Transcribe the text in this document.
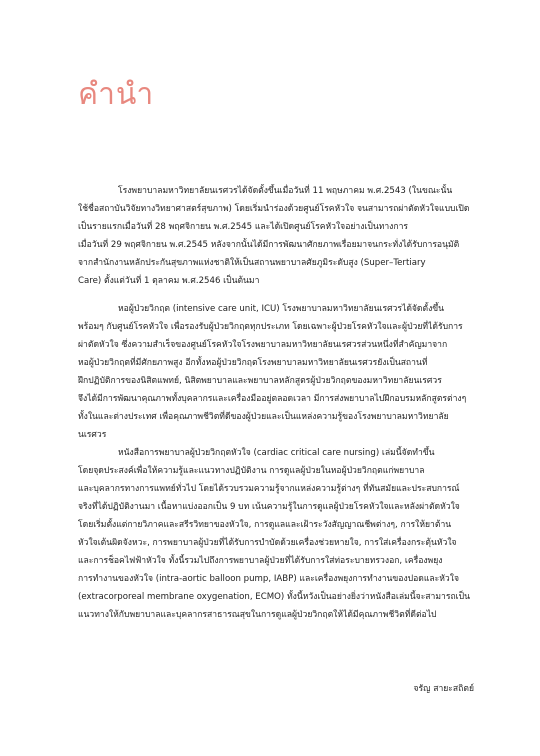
คำนำ
โรงพยาบาลมหาวิทยาลัยนเรศวรได้จัดตั้งขึ้นเมื่อวันที่ 11 พฤษภาคม พ.ศ.2543 (ในขณะนั้น
ใช้ชื่อสถาบันวิจัยทางวิทยาศาสตร์สุขภาพ) โดยเริ่มนำร่องด้วยศูนย์โรคหัวใจ จนสามารถผ่าตัดหัวใจแบบเปิด
เป็นรายแรกเมื่อวันที่ 28 พฤศจิกายน พ.ศ.2545 และได้เปิดศูนย์โรคหัวใจอย่างเป็นทางการ
เมื่อวันที่ 29 พฤศจิกายน พ.ศ.2545 หลังจากนั้นได้มีการพัฒนาศักยภาพเรื่อยมาจนกระทั่งได้รับการอนุมัติ
จากสำนักงานหลักประกันสุขภาพแห่งชาติให้เป็นสถานพยาบาลศัยภูมิระดับสูง (Super–Tertiary
Care) ตั้งแต่วันที่ 1 ตุลาคม พ.ศ.2546 เป็นต้นมา
หอผู้ป่วยวิกฤต (intensive care unit, ICU) โรงพยาบาลมหาวิทยาลัยนเรศวรได้จัดตั้งขึ้น
พร้อมๆ กับศูนย์โรคหัวใจ เพื่อรองรับผู้ป่วยวิกฤตทุกประเภท โดยเฉพาะผู้ป่วยโรคหัวใจและผู้ป่วยที่ได้รับการ
ผ่าตัดหัวใจ ซึ่งความสำเร็จของศูนย์โรคหัวใจโรงพยาบาลมหาวิทยาลัยนเรศวรส่วนหนึ่งที่สำคัญมาจาก
หอผู้ป่วยวิกฤตที่มีศักยภาพสูง อีกทั้งหอผู้ป่วยวิกฤตโรงพยาบาลมหาวิทยาลัยนเรศวรยังเป็นสถานที่
ฝึกปฏิบัติการของนิสิตแพทย์, นิสิตพยาบาลและพยาบาลหลักสูตรผู้ป่วยวิกฤตของมหาวิทยาลัยนเรศวร
จึงได้มีการพัฒนาคุณภาพทั้งบุคลากรและเครื่องมืออยู่ตลอดเวลา มีการส่งพยาบาลไปฝึกอบรมหลักสูตรต่างๆ
ทั้งในและต่างประเทศ เพื่อคุณภาพชีวิตที่ดีของผู้ป่วยและเป็นแหล่งความรู้ของโรงพยาบาลมหาวิทยาลัย
นเรศวร
หนังสือการพยาบาลผู้ป่วยวิกฤตหัวใจ (cardiac critical care nursing) เล่มนี้จัดทำขึ้น
โดยจุดประสงค์เพื่อให้ความรู้และแนวทางปฏิบัติงาน การดูแลผู้ป่วยในหอผู้ป่วยวิกฤตแก่พยาบาล
และบุคลากรทางการแพทย์ทั่วไป โดยได้รวบรวมความรู้จากแหล่งความรู้ต่างๆ ที่ทันสมัยและประสบการณ์
จริงที่ได้ปฏิบัติงานมา เนื้อหาแบ่งออกเป็น 9 บท เน้นความรู้ในการดูแลผู้ป่วยโรคหัวใจและหลังผ่าตัดหัวใจ
โดยเริ่มตั้งแต่กายวิภาคและสรีรวิทยาของหัวใจ, การดูแลและเฝ้าระวังสัญญาณชีพต่างๆ, การให้ยาต้าน
หัวใจเต้นผิดจังหวะ, การพยาบาลผู้ป่วยที่ได้รับการบำบัดด้วยเครื่องช่วยหายใจ, การใส่เครื่องกระตุ้นหัวใจ
และการช็อคไฟฟ้าหัวใจ ทั้งนี้รวมไปถึงการพยาบาลผู้ป่วยที่ได้รับการใส่ท่อระบายทรวงอก, เครื่องพยุง
การทำงานของหัวใจ (intra-aortic balloon pump, IABP) และเครื่องพยุงการทำงานของปอดและหัวใจ
(extracorporeal membrane oxygenation, ECMO) ทั้งนี้หวังเป็นอย่างยิ่งว่าหนังสือเล่มนี้จะสามารถเป็น
แนวทางให้กับพยาบาลและบุคลากรสาธารณสุขในการดูแลผู้ป่วยวิกฤตให้ได้มีคุณภาพชีวิตที่ดีต่อไป
จรัญ สายะสถิตย์
